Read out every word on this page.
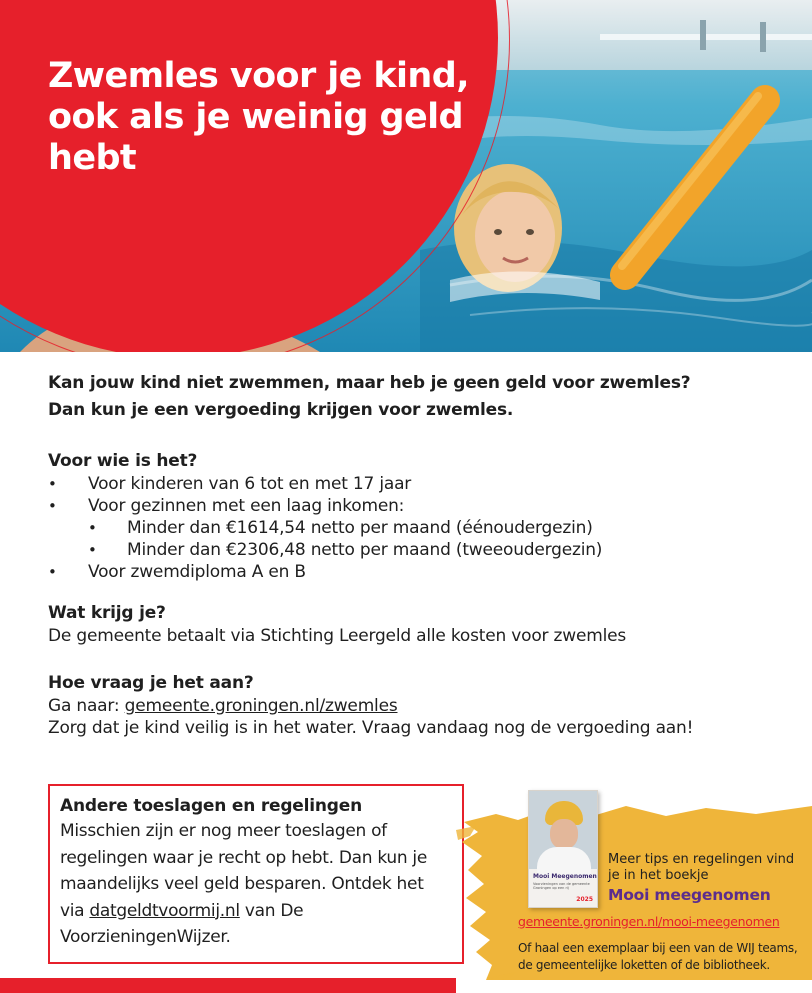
Zwemles voor je kind, ook als je weinig geld hebt
Kan jouw kind niet zwemmen, maar heb je geen geld voor zwemles?
Dan kun je een vergoeding krijgen voor zwemles.
Voor wie is het?
• Voor kinderen van 6 tot en met 17 jaar
• Voor gezinnen met een laag inkomen:
• Minder dan €1614,54 netto per maand (éénoudergezin)
• Minder dan €2306,48 netto per maand (tweeoudergezin)
• Voor zwemdiploma A en B
Wat krijg je?

De gemeente betaalt via Stichting Leergeld alle kosten voor zwemles

Hoe vraag je het aan?

Ga naar: gemeente.groningen.nl/zwemles

Zorg dat je kind veilig is in het water. Vraag vandaag nog de vergoeding aan!

Andere toeslagen en regelingen

Misschien zijn er nog meer toeslagen of regelingen waar je recht op hebt. Dan kun je maandelijks veel geld besparen. Ontdek het via datgeldtvoormij.nl van De VoorzieningenWijzer.

Mooi Meegenomen
Voorzieningen van de gemeente Groningen op een rij
2025
Meer tips en regelingen vind je in het boekje
Mooi meegenomen
gemeente.groningen.nl/mooi-meegenomen
Of haal een exemplaar bij een van de WIJ teams, de gemeentelijke loketten of de bibliotheek.
